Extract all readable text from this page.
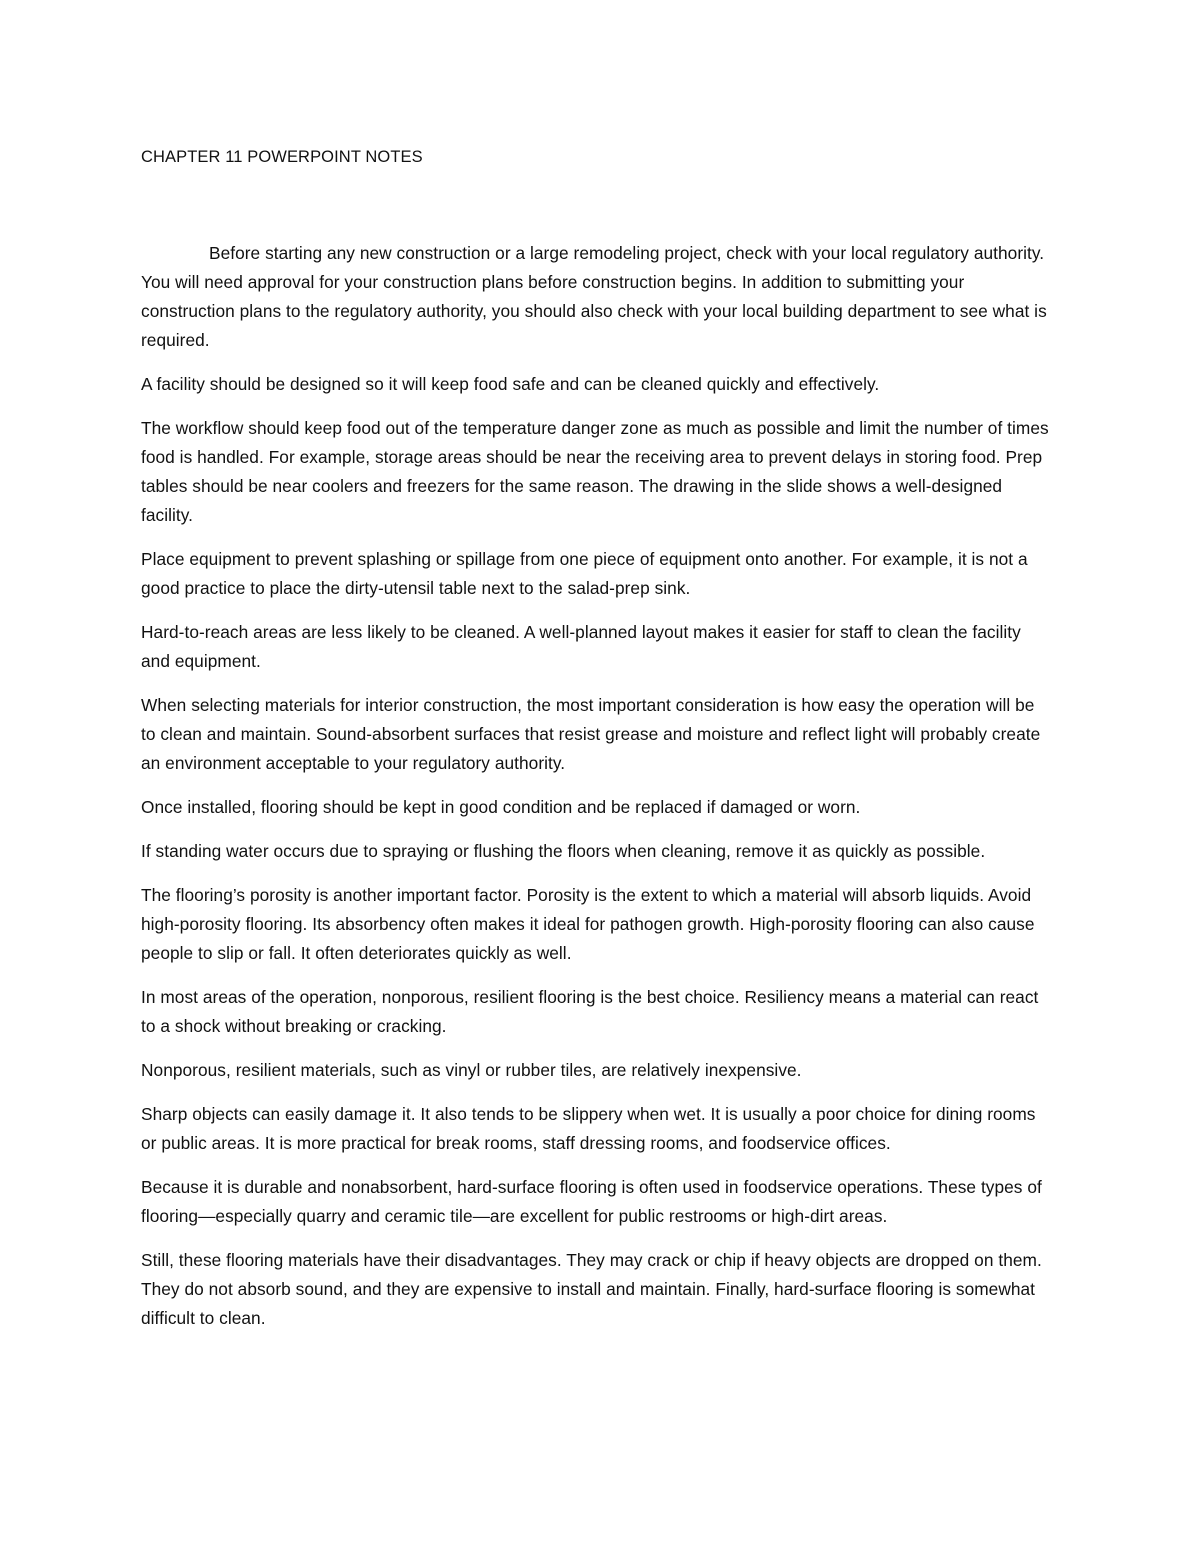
CHAPTER 11 POWERPOINT NOTES

Before starting any new construction or a large remodeling project, check with your local regulatory authority. You will need approval for your construction plans before construction begins. In addition to submitting your construction plans to the regulatory authority, you should also check with your local building department to see what is required.

A facility should be designed so it will keep food safe and can be cleaned quickly and effectively.

The workflow should keep food out of the temperature danger zone as much as possible and limit the number of times food is handled. For example, storage areas should be near the receiving area to prevent delays in storing food. Prep tables should be near coolers and freezers for the same reason. The drawing in the slide shows a well-designed facility.

Place equipment to prevent splashing or spillage from one piece of equipment onto another. For example, it is not a good practice to place the dirty-utensil table next to the salad-prep sink.

Hard-to-reach areas are less likely to be cleaned. A well-planned layout makes it easier for staff to clean the facility and equipment.

When selecting materials for interior construction, the most important consideration is how easy the operation will be to clean and maintain. Sound-absorbent surfaces that resist grease and moisture and reflect light will probably create an environment acceptable to your regulatory authority.

Once installed, flooring should be kept in good condition and be replaced if damaged or worn.

If standing water occurs due to spraying or flushing the floors when cleaning, remove it as quickly as possible.

The flooring’s porosity is another important factor. Porosity is the extent to which a material will absorb liquids. Avoid high-porosity flooring. Its absorbency often makes it ideal for pathogen growth. High-porosity flooring can also cause people to slip or fall. It often deteriorates quickly as well.

In most areas of the operation, nonporous, resilient flooring is the best choice. Resiliency means a material can react to a shock without breaking or cracking.

Nonporous, resilient materials, such as vinyl or rubber tiles, are relatively inexpensive.

Sharp objects can easily damage it. It also tends to be slippery when wet. It is usually a poor choice for dining rooms or public areas. It is more practical for break rooms, staff dressing rooms, and foodservice offices.

Because it is durable and nonabsorbent, hard-surface flooring is often used in foodservice operations. These types of flooring—especially quarry and ceramic tile—are excellent for public restrooms or high-dirt areas.

Still, these flooring materials have their disadvantages. They may crack or chip if heavy objects are dropped on them. They do not absorb sound, and they are expensive to install and maintain. Finally, hard-surface flooring is somewhat difficult to clean.
